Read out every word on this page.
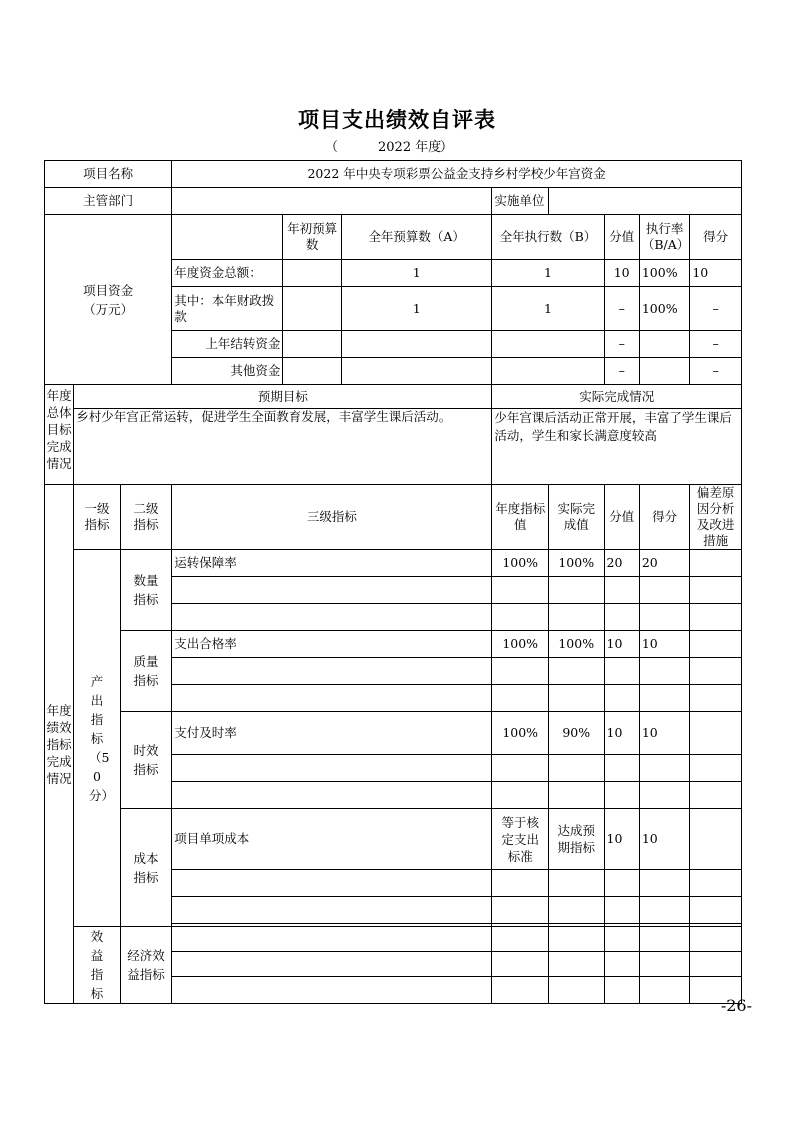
项目支出绩效自评表
（	2022 年度
）
项目名称			2022 年中央专项彩票公益金支持乡村学校少年宫资金							
主管部门						实施单位				

项目资金（万元）				年初预算数	全年预算数（A）	全年执行数（B）		分值	执行率（B/A）	得分
			年度资金总额：		1	1		10	100%	10
			其中：本年财政拨款		1	1		–	100%	–
			上年结转资金					–		–
			其他资金					–		–
年度总体目标完成情况	预期目标					实际完成情况				
	乡村少年宫正常运转，促进学生全面教育发展，丰富学生课后活动。					少年宫课后活动正常开展，丰富了学生课后活动，学生和家长满意度较高				
年度绩效指标完成情况	一级指标	二级指标	三级指标			年度指标值	实际完成值	分值	得分	偏差原因分析及改进措施

	产出指标（50分）	数量指标	运转保障率			100%	100%	20	20	

		质量指标	支出合格率			100%	100%	10	10	

		时效指标	支付及时率			100%	90%	10	10	

		成本指标	项目单项成本			等于核定支出标准	达成预期指标	10	10	

	效益指标	经济效益指标								

-26-
